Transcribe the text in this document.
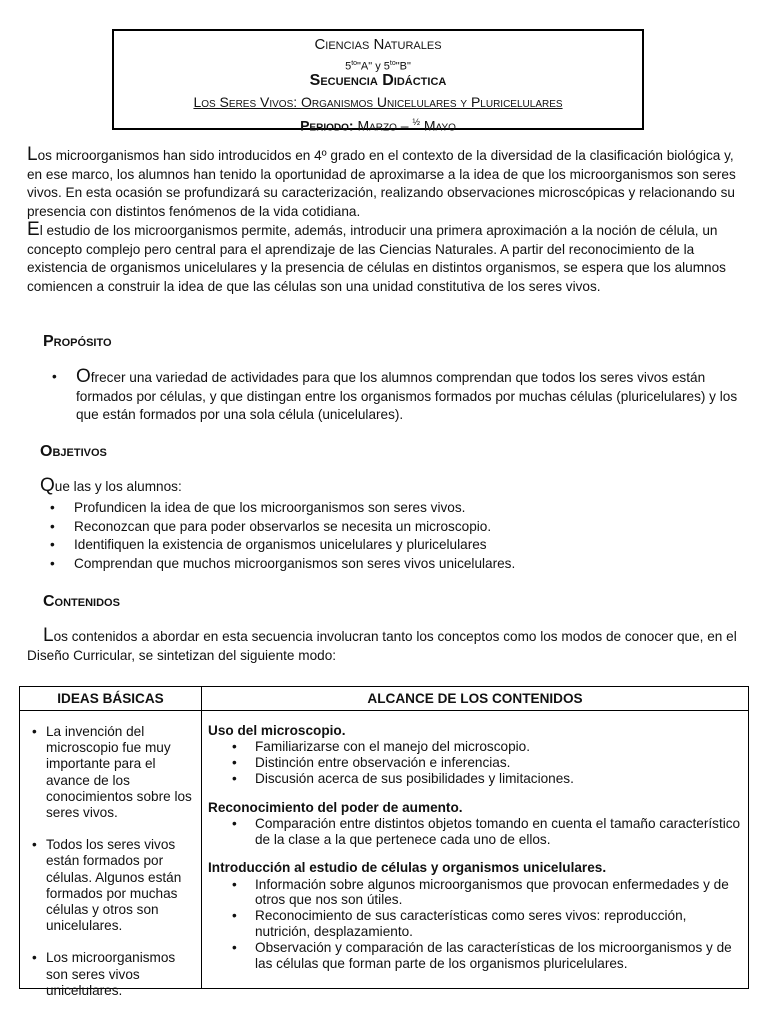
Ciencias Naturales
$5^{to}"A$" y $5^{to}"B$"
Secuencia Didáctica
Los Seres Vivos: Organismos Unicelulares y Pluricelulares
Periodo: Marzo – $^{\frac{1}{2}}$ Mayo

Los microorganismos han sido introducidos en 4º grado en el contexto de la diversidad de la clasificación biológica y, en ese marco, los alumnos han tenido la oportunidad de aproximarse a la idea de que los microorganismos son seres vivos. En esta ocasión se profundizará su caracterización, realizando observaciones microscópicas y relacionando su presencia con distintos fenómenos de la vida cotidiana.

El estudio de los microorganismos permite, además, introducir una primera aproximación a la noción de célula, un concepto complejo pero central para el aprendizaje de las Ciencias Naturales. A partir del reconocimiento de la existencia de organismos unicelulares y la presencia de células en distintos organismos, se espera que los alumnos comiencen a construir la idea de que las células son una unidad constitutiva de los seres vivos.

Propósito
• Ofrecer una variedad de actividades para que los alumnos comprendan que todos los seres vivos están formados por células, y que distingan entre los organismos formados por muchas células (pluricelulares) y los que están formados por una sola célula (unicelulares).
Objetivos

Que las y los alumnos:

• Profundicen la idea de que los microorganismos son seres vivos.
• Reconozcan que para poder observarlos se necesita un microscopio.
• Identifiquen la existencia de organismos unicelulares y pluricelulares
• Comprendan que muchos microorganismos son seres vivos unicelulares.
Contenidos

Los contenidos a abordar en esta secuencia involucran tanto los conceptos como los modos de conocer que, en el Diseño Curricular, se sintetizan del siguiente modo:

IDEAS BÁSICAS	ALCANCE DE LOS CONTENIDOS
• La invención del microscopio fue muy importante para el avance de los conocimientos sobre los seres vivos.
• Todos los seres vivos están formados por células. Algunos están formados por muchas células y otros son unicelulares.
• Los microorganismos son seres vivos unicelulares.
Uso del microscopio.
• Familiarizarse con el manejo del microscopio.
• Distinción entre observación e inferencias.
• Discusión acerca de sus posibilidades y limitaciones.
Reconocimiento del poder de aumento.
• Comparación entre distintos objetos tomando en cuenta el tamaño característico de la clase a la que pertenece cada uno de ellos.
Introducción al estudio de células y organismos unicelulares.
• Información sobre algunos microorganismos que provocan enfermedades y de otros que nos son útiles.
• Reconocimiento de sus características como seres vivos: reproducción, nutrición, desplazamiento.
• Observación y comparación de las características de los microorganismos y de las células que forman parte de los organismos pluricelulares.
